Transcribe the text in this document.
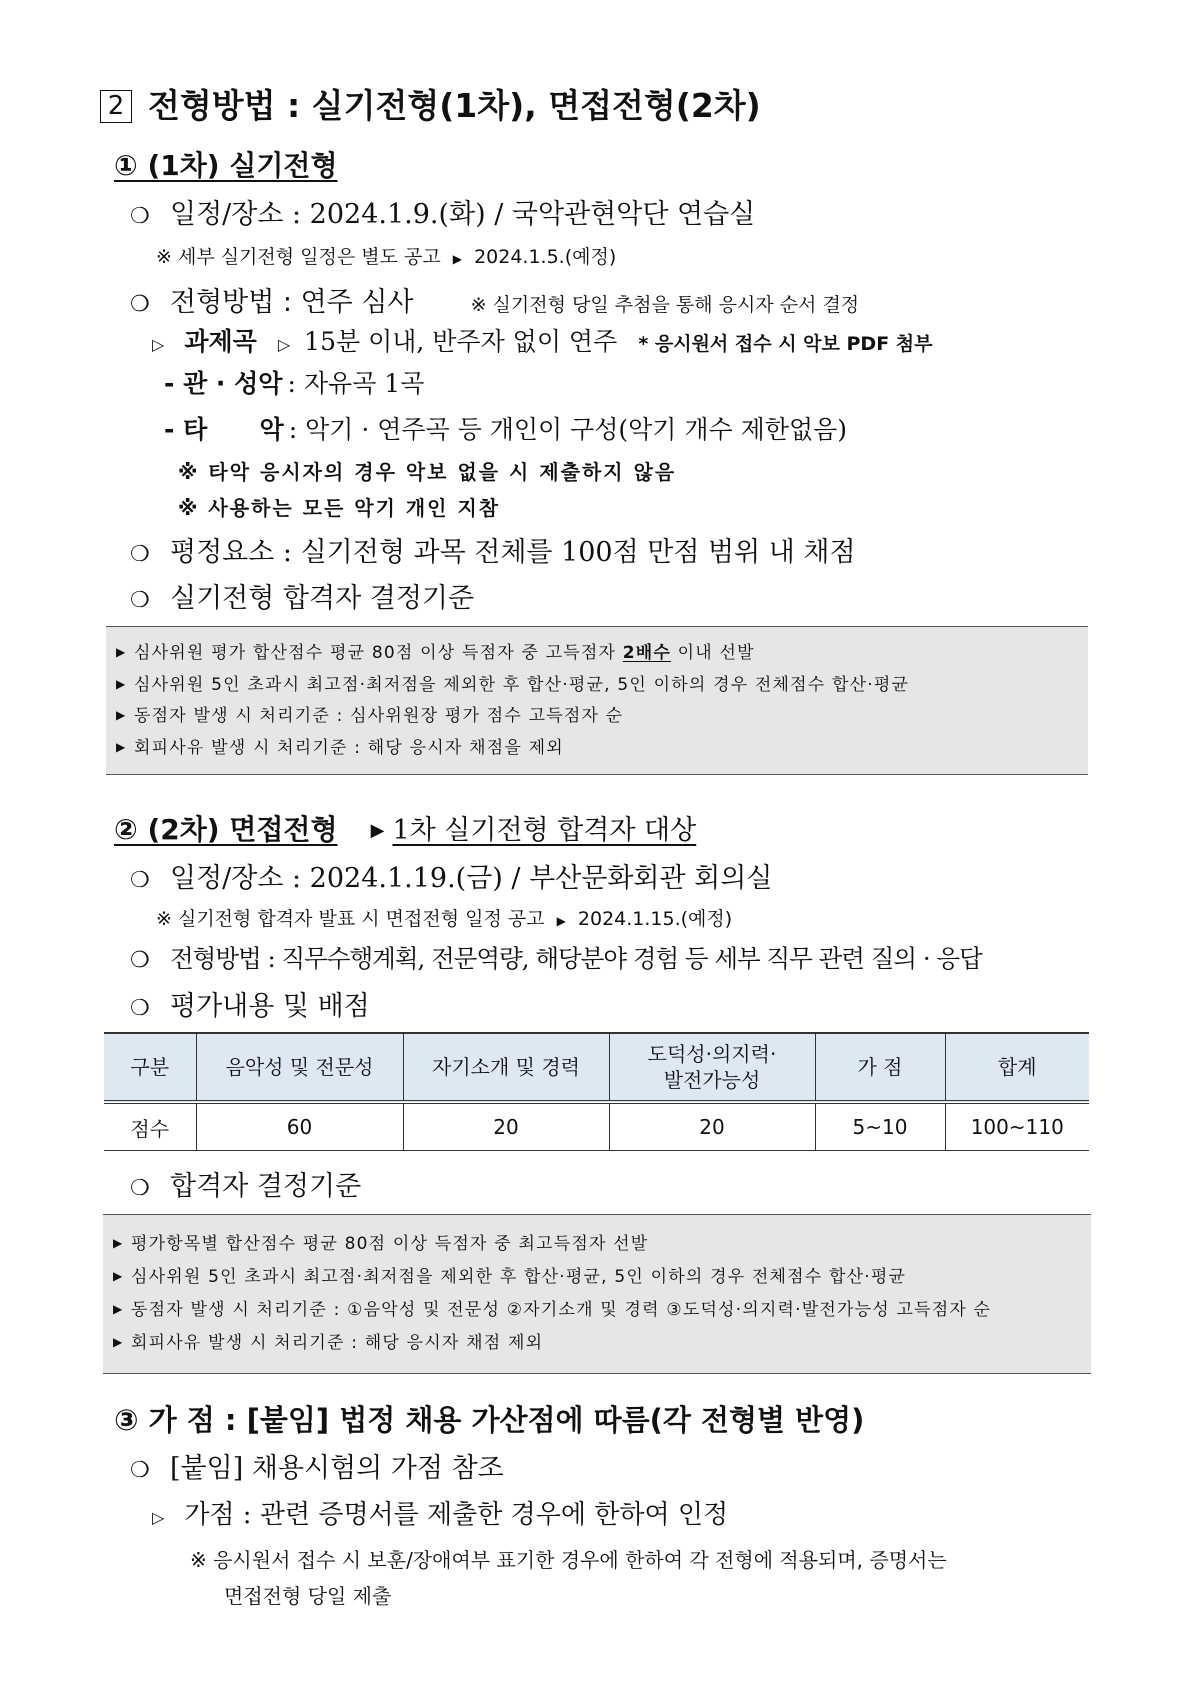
2 전형방법 : 실기전형(1차), 면접전형(2차)
① (1차) 실기전형
❍ 일정/장소 : 2024.1.9.(화) / 국악관현악단 연습실
※ 세부 실기전형 일정은 별도 공고 ▶ 2024.1.5.(예정)
❍ 전형방법 : 연주 심사	※ 실기전형 당일 추첨을 통해 응시자 순서 결정
▷ 과제곡 ▷ 15분 이내, 반주자 없이 연주 * 응시원서 접수 시 악보 PDF 첨부
- 관 · 성악 : 자유곡 1곡
- 타      악 : 악기 · 연주곡 등 개인이 구성(악기 개수 제한없음)
※ 타악 응시자의 경우 악보 없을 시 제출하지 않음
※ 사용하는 모든 악기 개인 지참
❍ 평정요소 : 실기전형 과목 전체를 100점 만점 범위 내 채점
❍ 실기전형 합격자 결정기준
▶ 심사위원 평가 합산점수 평균 80점 이상 득점자 중 고득점자 2배수 이내 선발
▶ 심사위원 5인 초과시 최고점·최저점을 제외한 후 합산·평균, 5인 이하의 경우 전체점수 합산·평균
▶ 동점자 발생 시 처리기준 : 심사위원장 평가 점수 고득점자 순
▶ 회피사유 발생 시 처리기준 : 해당 응시자 채점을 제외
② (2차) 면접전형 ▶ 1차 실기전형 합격자 대상
❍ 일정/장소 : 2024.1.19.(금) / 부산문화회관 회의실
※ 실기전형 합격자 발표 시 면접전형 일정 공고 ▶ 2024.1.15.(예정)
❍ 전형방법 : 직무수행계획, 전문역량, 해당분야 경험 등 세부 직무 관련 질의 · 응답
❍ 평가내용 및 배점
구분	음악성 및 전문성	자기소개 및 경력	도덕성·의지력·
발전가능성	가 점	합계
점수	60	20	20	5~10	100~110
❍ 합격자 결정기준
▶ 평가항목별 합산점수 평균 80점 이상 득점자 중 최고득점자 선발
▶ 심사위원 5인 초과시 최고점·최저점을 제외한 후 합산·평균, 5인 이하의 경우 전체점수 합산·평균
▶ 동점자 발생 시 처리기준 : ①음악성 및 전문성 ②자기소개 및 경력 ③도덕성·의지력·발전가능성 고득점자 순
▶ 회피사유 발생 시 처리기준 : 해당 응시자 채점 제외
③ 가 점 : [붙임] 법정 채용 가산점에 따름(각 전형별 반영)
❍ [붙임] 채용시험의 가점 참조
▷ 가점 : 관련 증명서를 제출한 경우에 한하여 인정
※ 응시원서 접수 시 보훈/장애여부 표기한 경우에 한하여 각 전형에 적용되며, 증명서는
면접전형 당일 제출
